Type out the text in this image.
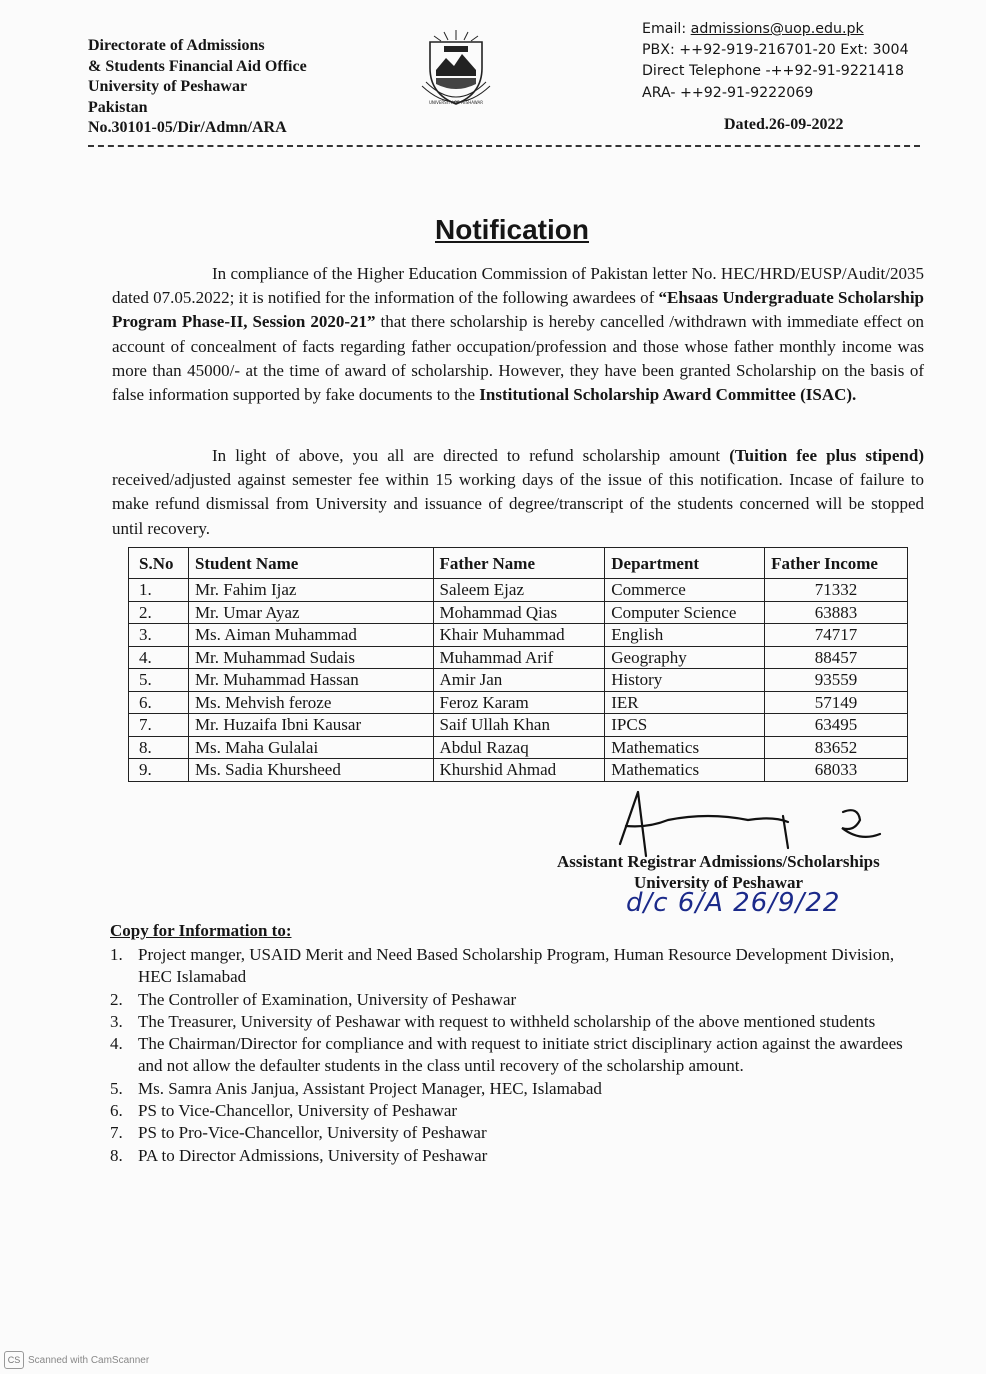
Directorate of Admissions
& Students Financial Aid Office
University of Peshawar
Pakistan
No.30101-05/Dir/Admn/ARA
UNIVERSITY OF PESHAWAR
Email: admissions@uop.edu.pk
PBX: ++92-919-216701-20 Ext: 3004
Direct Telephone -++92-91-9221418
ARA- ++92-91-9222069
Dated.26-09-2022
Notification

In compliance of the Higher Education Commission of Pakistan letter No. HEC/HRD/EUSP/Audit/2035 dated 07.05.2022; it is notified for the information of the following awardees of “Ehsaas Undergraduate Scholarship Program Phase-II, Session 2020-21” that there scholarship is hereby cancelled /withdrawn with immediate effect on account of concealment of facts regarding father occupation/profession and those whose father monthly income was more than 45000/- at the time of award of scholarship. However, they have been granted Scholarship on the basis of false information supported by fake documents to the Institutional Scholarship Award Committee (ISAC).

In light of above, you all are directed to refund scholarship amount (Tuition fee plus stipend) received/adjusted against semester fee within 15 working days of the issue of this notification. Incase of failure to make refund dismissal from University and issuance of degree/transcript of the students concerned will be stopped until recovery.

S.No	Student Name	Father Name	Department	Father Income
1.	Mr. Fahim Ijaz	Saleem Ejaz	Commerce	71332
2.	Mr. Umar Ayaz	Mohammad Qias	Computer Science	63883
3.	Ms. Aiman Muhammad	Khair Muhammad	English	74717
4.	Mr. Muhammad Sudais	Muhammad Arif	Geography	88457
5.	Mr. Muhammad Hassan	Amir Jan	History	93559
6.	Ms. Mehvish feroze	Feroz Karam	IER	57149
7.	Mr. Huzaifa Ibni Kausar	Saif Ullah Khan	IPCS	63495
8.	Ms. Maha Gulalai	Abdul Razaq	Mathematics	83652
9.	Ms. Sadia Khursheed	Khurshid Ahmad	Mathematics	68033
Assistant Registrar Admissions/Scholarships
University of Peshawar
d/c 6/A 26/9/22
Copy for Information to:
1. Project manger, USAID Merit and Need Based Scholarship Program, Human Resource Development Division, HEC Islamabad
2. The Controller of Examination, University of Peshawar
3. The Treasurer, University of Peshawar with request to withheld scholarship of the above mentioned students
4. The Chairman/Director for compliance and with request to initiate strict disciplinary action against the awardees and not allow the defaulter students in the class until recovery of the scholarship amount.
5. Ms. Samra Anis Janjua, Assistant Project Manager, HEC, Islamabad
6. PS to Vice-Chancellor, University of Peshawar
7. PS to Pro-Vice-Chancellor, University of Peshawar
8. PA to Director Admissions, University of Peshawar
CS Scanned with CamScanner
